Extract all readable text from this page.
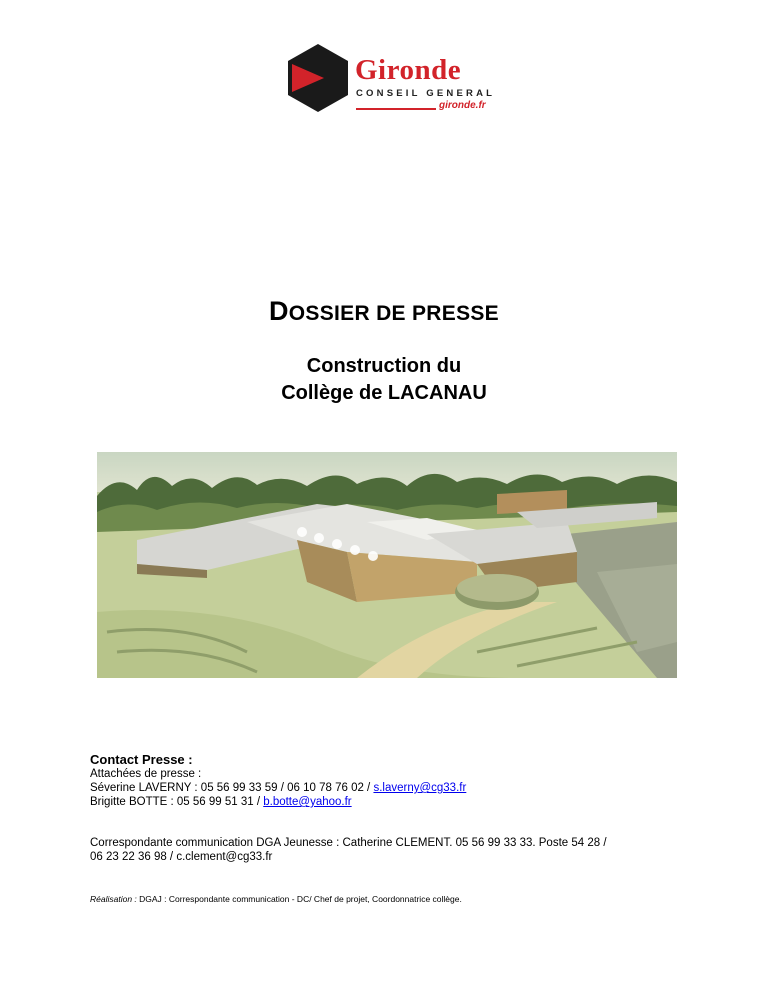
Gironde
CONSEIL GENERAL
gironde.fr
DOSSIER DE PRESSE
Construction du
Collège de LACANAU
Contact Presse :
Attachées de presse :
Séverine LAVERNY : 05 56 99 33 59 / 06 10 78 76 02 / s.laverny@cg33.fr
Brigitte BOTTE : 05 56 99 51 31 / b.botte@yahoo.fr
Correspondante communication DGA Jeunesse : Catherine CLEMENT. 05 56 99 33 33. Poste 54 28 /
06 23 22 36 98 / c.clement@cg33.fr
Réalisation : DGAJ : Correspondante communication - DC/ Chef de projet, Coordonnatrice collège.
